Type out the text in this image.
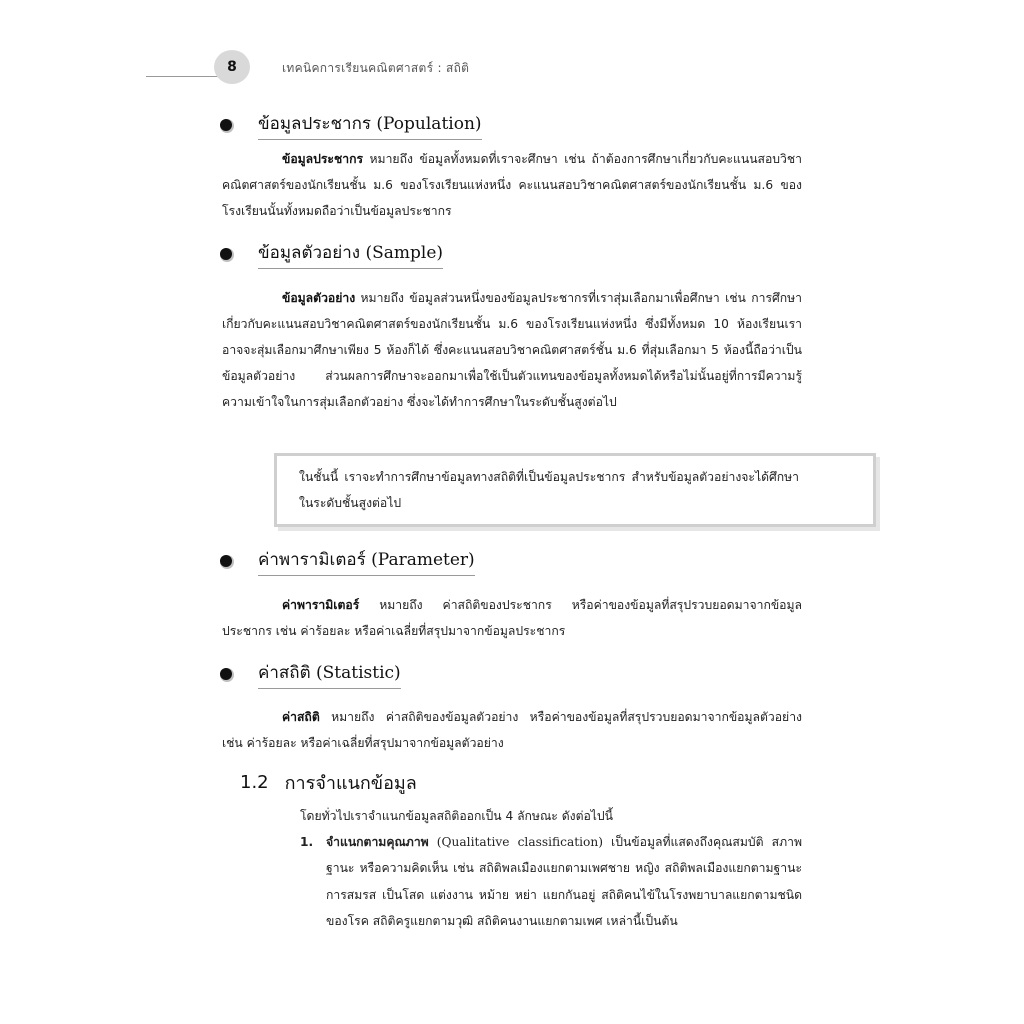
8	เทคนิคการเรียนคณิตศาสตร์ : สถิติ
ข้อมูลประชากร (Population)

ข้อมูลประชากร หมายถึง ข้อมูลทั้งหมดที่เราจะศึกษา เช่น ถ้าต้องการศึกษาเกี่ยวกับคะแนนสอบวิชาคณิตศาสตร์ของนักเรียนชั้น ม.6 ของโรงเรียนแห่งหนึ่ง คะแนนสอบวิชาคณิตศาสตร์ของนักเรียนชั้น ม.6 ของโรงเรียนนั้นทั้งหมดถือว่าเป็นข้อมูลประชากร

ข้อมูลตัวอย่าง (Sample)

ข้อมูลตัวอย่าง หมายถึง ข้อมูลส่วนหนึ่งของข้อมูลประชากรที่เราสุ่มเลือกมาเพื่อศึกษา เช่น การศึกษาเกี่ยวกับคะแนนสอบวิชาคณิตศาสตร์ของนักเรียนชั้น ม.6 ของโรงเรียนแห่งหนึ่ง ซึ่งมีทั้งหมด 10 ห้องเรียนเราอาจจะสุ่มเลือกมาศึกษาเพียง 5 ห้องก็ได้ ซึ่งคะแนนสอบวิชาคณิตศาสตร์ชั้น ม.6 ที่สุ่มเลือกมา 5 ห้องนี้ถือว่าเป็นข้อมูลตัวอย่าง ส่วนผลการศึกษาจะออกมาเพื่อใช้เป็นตัวแทนของข้อมูลทั้งหมดได้หรือไม่นั้นอยู่ที่การมีความรู้ความเข้าใจในการสุ่มเลือกตัวอย่าง ซึ่งจะได้ทำการศึกษาในระดับชั้นสูงต่อไป

ในชั้นนี้ เราจะทำการศึกษาข้อมูลทางสถิติที่เป็นข้อมูลประชากร สำหรับข้อมูลตัวอย่างจะได้ศึกษาในระดับชั้นสูงต่อไป

ค่าพารามิเตอร์ (Parameter)

ค่าพารามิเตอร์ หมายถึง ค่าสถิติของประชากร หรือค่าของข้อมูลที่สรุปรวบยอดมาจากข้อมูลประชากร เช่น ค่าร้อยละ หรือค่าเฉลี่ยที่สรุปมาจากข้อมูลประชากร

ค่าสถิติ (Statistic)

ค่าสถิติ หมายถึง ค่าสถิติของข้อมูลตัวอย่าง หรือค่าของข้อมูลที่สรุปรวบยอดมาจากข้อมูลตัวอย่าง เช่น ค่าร้อยละ หรือค่าเฉลี่ยที่สรุปมาจากข้อมูลตัวอย่าง

1.2 การจำแนกข้อมูล
โดยทั่วไปเราจำแนกข้อมูลสถิติออกเป็น 4 ลักษณะ ดังต่อไปนี้
1. จำแนกตามคุณภาพ (Qualitative classification) เป็นข้อมูลที่แสดงถึงคุณสมบัติ สภาพ ฐานะ หรือความคิดเห็น เช่น สถิติพลเมืองแยกตามเพศชาย หญิง สถิติพลเมืองแยกตามฐานะการสมรส เป็นโสด แต่งงาน หม้าย หย่า แยกกันอยู่ สถิติคนไข้ในโรงพยาบาลแยกตามชนิดของโรค สถิติครูแยกตามวุฒิ สถิติคนงานแยกตามเพศ เหล่านี้เป็นต้น
